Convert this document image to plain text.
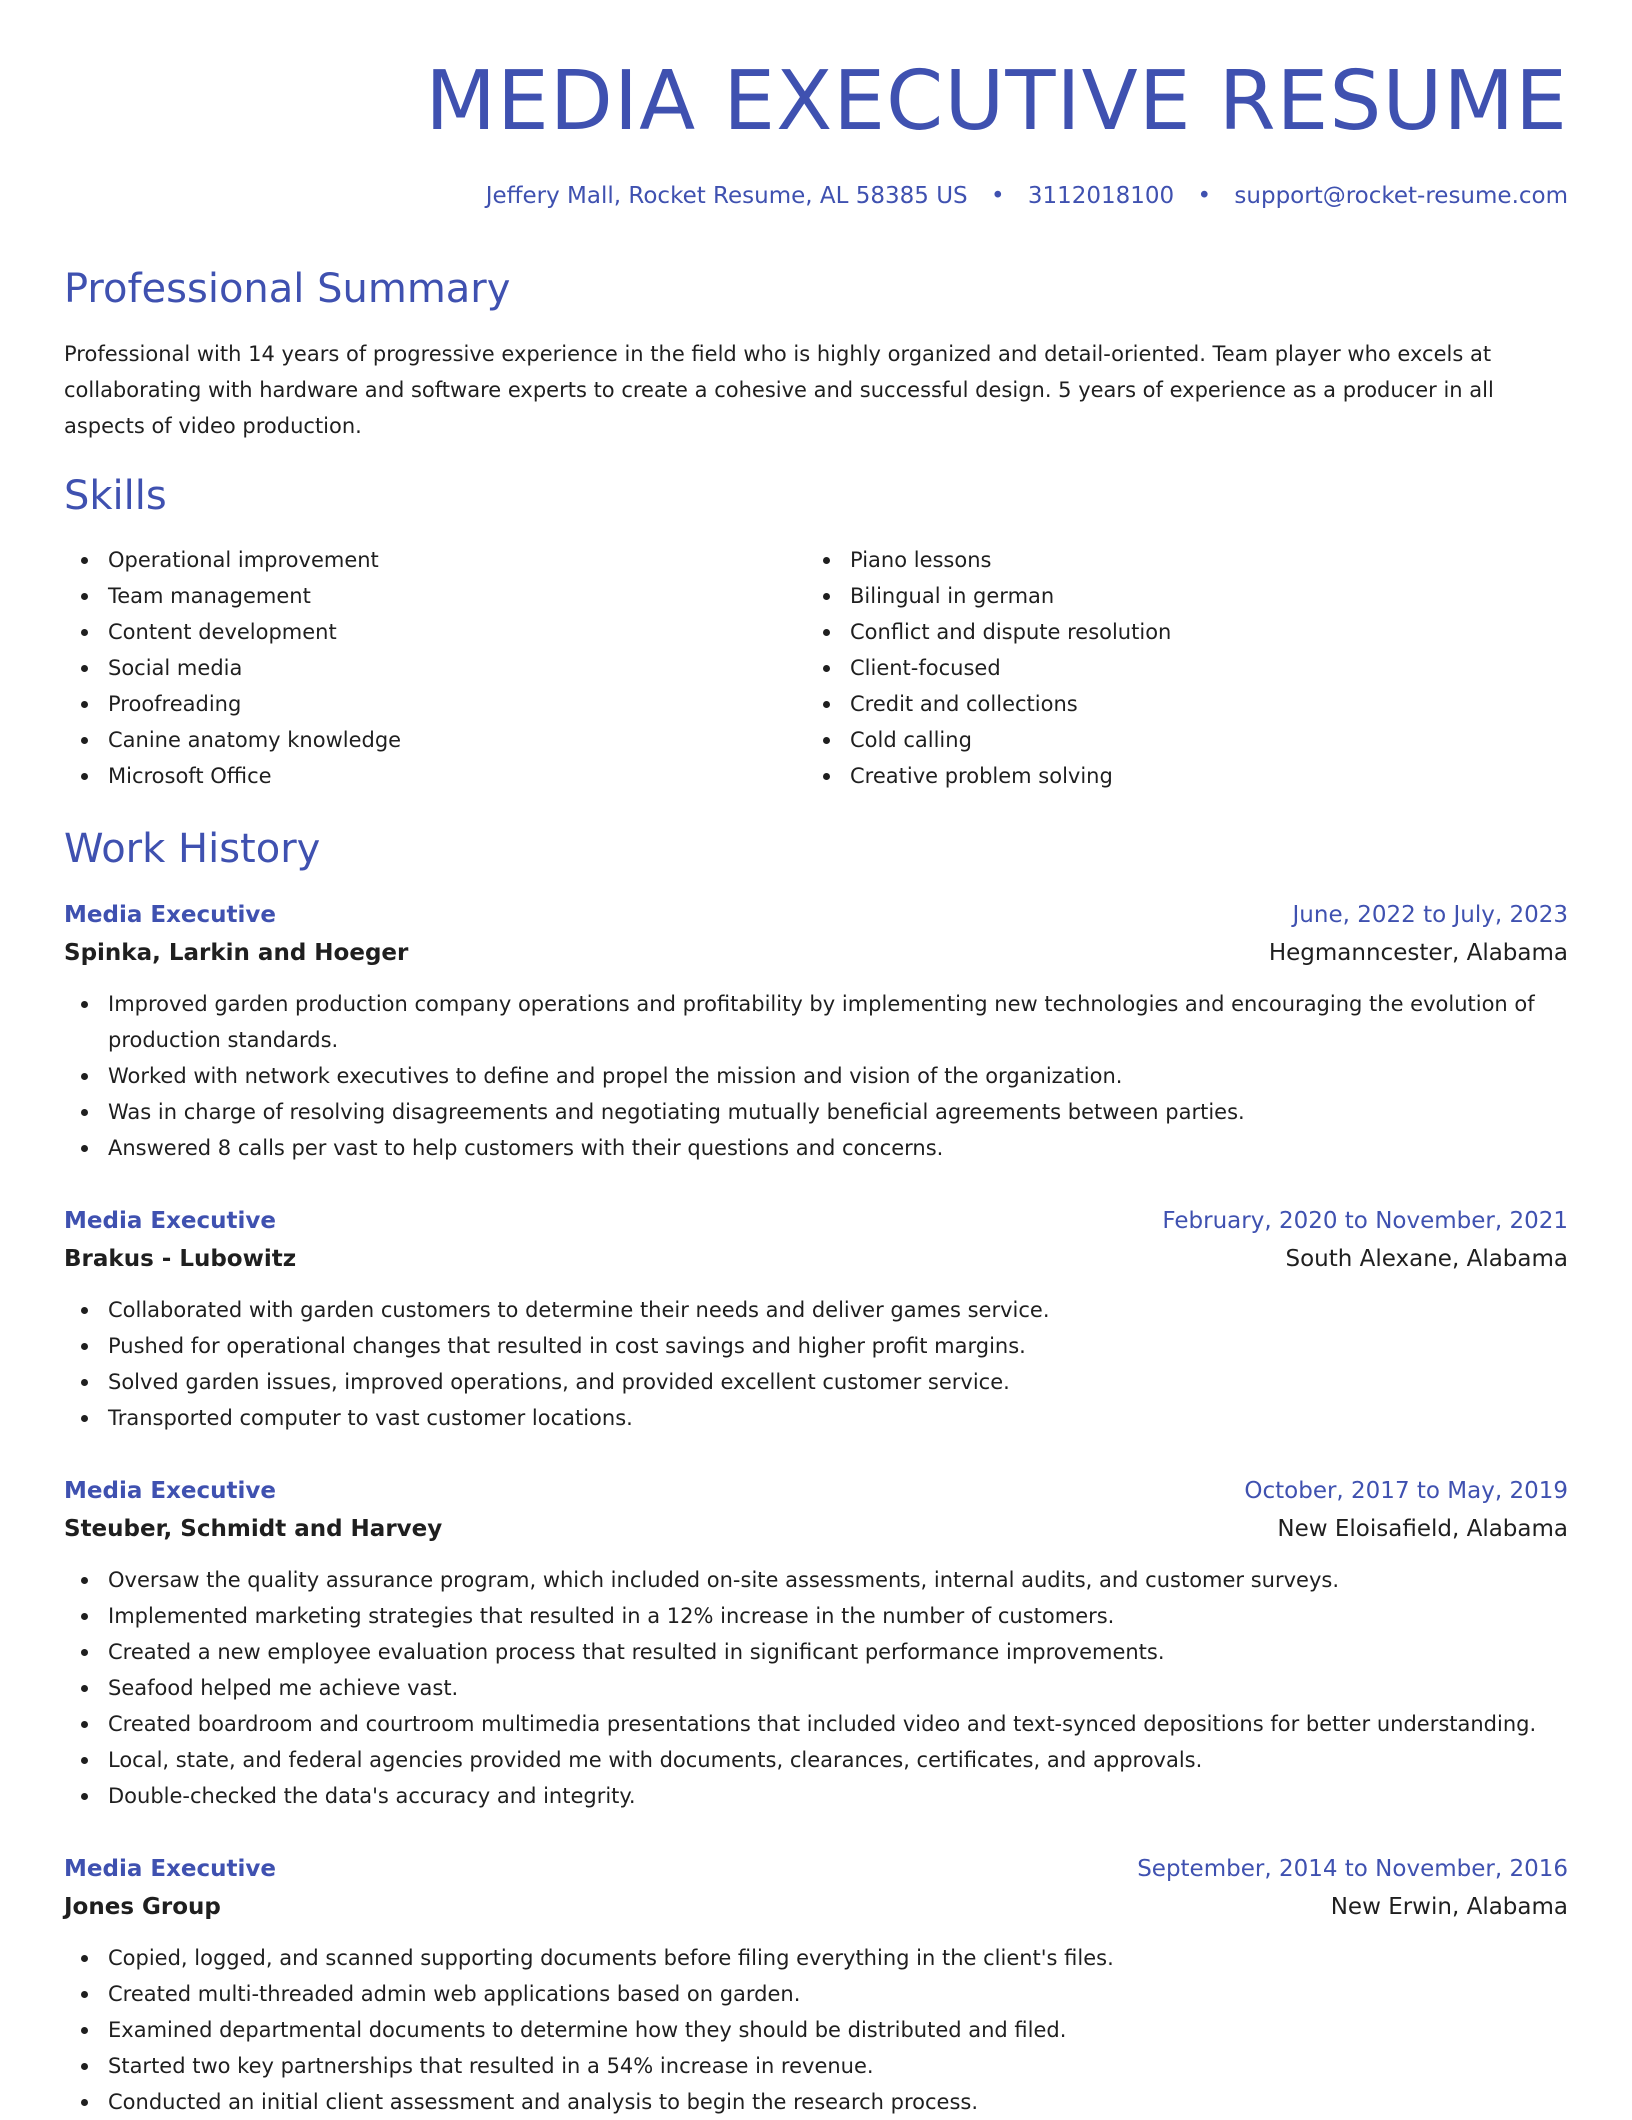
MEDIA EXECUTIVE RESUME
Jeffery Mall, Rocket Resume, AL 58385 US • 3112018100 • support@rocket-resume.com
Professional Summary

Professional with 14 years of progressive experience in the field who is highly organized and detail-oriented. Team player who excels at collaborating with hardware and software experts to create a cohesive and successful design. 5 years of experience as a producer in all aspects of video production.

Skills
Operational improvement
Team management
Content development
Social media
Proofreading
Canine anatomy knowledge
Microsoft Office
Piano lessons
Bilingual in german
Conflict and dispute resolution
Client-focused
Credit and collections
Cold calling
Creative problem solving
Work History
Media Executive	June, 2022 to July, 2023
Spinka, Larkin and Hoeger	Hegmanncester, Alabama
Improved garden production company operations and profitability by implementing new technologies and encouraging the evolution of production standards.
Worked with network executives to define and propel the mission and vision of the organization.
Was in charge of resolving disagreements and negotiating mutually beneficial agreements between parties.
Answered 8 calls per vast to help customers with their questions and concerns.
Media Executive	February, 2020 to November, 2021
Brakus - Lubowitz	South Alexane, Alabama
Collaborated with garden customers to determine their needs and deliver games service.
Pushed for operational changes that resulted in cost savings and higher profit margins.
Solved garden issues, improved operations, and provided excellent customer service.
Transported computer to vast customer locations.
Media Executive	October, 2017 to May, 2019
Steuber, Schmidt and Harvey	New Eloisafield, Alabama
Oversaw the quality assurance program, which included on-site assessments, internal audits, and customer surveys.
Implemented marketing strategies that resulted in a 12% increase in the number of customers.
Created a new employee evaluation process that resulted in significant performance improvements.
Seafood helped me achieve vast.
Created boardroom and courtroom multimedia presentations that included video and text-synced depositions for better understanding.
Local, state, and federal agencies provided me with documents, clearances, certificates, and approvals.
Double-checked the data's accuracy and integrity.
Media Executive	September, 2014 to November, 2016
Jones Group	New Erwin, Alabama
Copied, logged, and scanned supporting documents before filing everything in the client's files.
Created multi-threaded admin web applications based on garden.
Examined departmental documents to determine how they should be distributed and filed.
Started two key partnerships that resulted in a 54% increase in revenue.
Conducted an initial client assessment and analysis to begin the research process.
